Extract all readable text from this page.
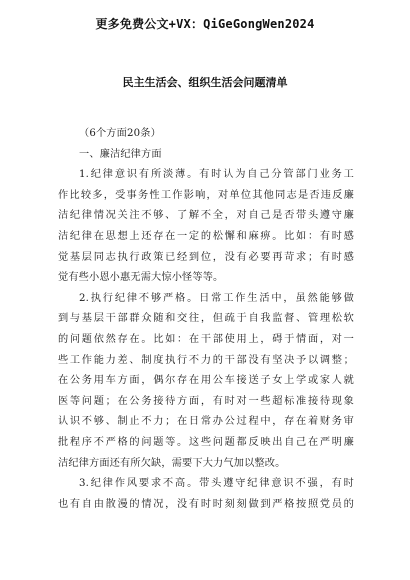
更多免费公文+VX：QiGeGongWen2024

民主生活会、组织生活会问题清单

（6个方面20条）

一、廉洁纪律方面

1.纪律意识有所淡薄。有时认为自己分管部门业务工

作比较多，受事务性工作影响，对单位其他同志是否违反廉

洁纪律情况关注不够、了解不全，对自己是否带头遵守廉

洁纪律在思想上还存在一定的松懈和麻痹。比如：有时感

觉基层同志执行政策已经到位，没有必要再苛求；有时感

觉有些小恩小惠无需大惊小怪等等。

2.执行纪律不够严格。日常工作生活中，虽然能够做

到与基层干部群众随和交往，但疏于自我监督、管理松软

的问题依然存在。比如：在干部使用上，碍于情面，对一

些工作能力差、制度执行不力的干部没有坚决予以调整；

在公务用车方面，偶尔存在用公车接送子女上学或家人就

医等问题；在公务接待方面，有时对一些超标准接待现象

认识不够、制止不力；在日常办公过程中，存在着财务审

批程序不严格的问题等。这些问题都反映出自己在严明廉

洁纪律方面还有所欠缺，需要下大力气加以整改。

3.纪律作风要求不高。带头遵守纪律意识不强，有时

也有自由散漫的情况，没有时时刻刻做到严格按照党员的
